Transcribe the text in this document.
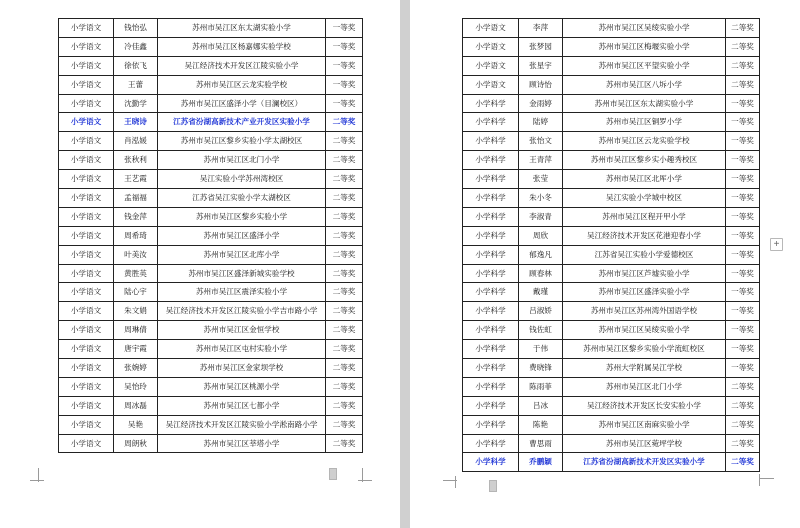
小学语文	钱怡弘	苏州市吴江区东太湖实验小学	一等奖
小学语文	冷佳鑫	苏州市吴江区杨嘉娜实验学校	一等奖
小学语文	徐依飞	吴江经济技术开发区江陵实验小学	一等奖
小学语文	王蕾	苏州市吴江区云龙实验学校	一等奖
小学语文	沈勤学	苏州市吴江区盛泽小学（目澜校区）	一等奖
小学语文	王晓诗	江苏省汾湖高新技术产业开发区实验小学	二等奖
小学语文	肖泓媛	苏州市吴江区黎乡实验小学太湖校区	二等奖
小学语文	张秋利	苏州市吴江区北门小学	二等奖
小学语文	王艺霞	吴江实验小学苏州湾校区	二等奖
小学语文	孟福福	江苏省吴江实验小学太湖校区	二等奖
小学语文	钱金萍	苏州市吴江区黎乡实验小学	二等奖
小学语文	周希琦	苏州市吴江区盛泽小学	二等奖
小学语文	叶美汝	苏州市吴江区北库小学	二等奖
小学语文	黄胜英	苏州市吴江区盛泽新城实验学校	二等奖
小学语文	陆心宇	苏州市吴江区震泽实验小学	二等奖
小学语文	朱文娟	吴江经济技术开发区江陵实验小学吉市路小学	二等奖
小学语文	周琳倩	苏州市吴江区金恒学校	二等奖
小学语文	唐宇霞	苏州市吴江区屯村实验小学	二等奖
小学语文	张婉婷	苏州市吴江区金家坝学校	二等奖
小学语文	吴怡玲	苏州市吴江区桃源小学	二等奖
小学语文	周冰磊	苏州市吴江区七都小学	二等奖
小学语文	吴艳	吴江经济技术开发区江陵实验小学淞南路小学	二等奖
小学语文	周朗秋	苏州市吴江区莘塔小学	二等奖
小学语文	李萍	苏州市吴江区吴绫实验小学	二等奖
小学语文	张梦园	苏州市吴江区梅堰实验小学	二等奖
小学语文	张星宇	苏州市吴江区平望实验小学	二等奖
小学语文	顾诗怡	苏州市吴江区八坼小学	二等奖
小学科学	金雨婷	苏州市吴江区东太湖实验小学	一等奖
小学科学	陆婷	苏州市吴江区铜罗小学	一等奖
小学科学	张怡文	苏州市吴江区云龙实验学校	一等奖
小学科学	王青萍	苏州市吴江区黎乡实小趣秀校区	一等奖
小学科学	张莹	苏州市吴江区北厍小学	一等奖
小学科学	朱小冬	吴江实验小学城中校区	一等奖
小学科学	李淑青	苏州市吴江区程开甲小学	一等奖
小学科学	周欣	吴江经济技术开发区花港迎春小学	一等奖
小学科学	郁逸凡	江苏省吴江实验小学爱德校区	一等奖
小学科学	顾春林	苏州市吴江区芦墟实验小学	一等奖
小学科学	戴瑾	苏州市吴江区盛泽实验小学	一等奖
小学科学	吕淑娇	苏州市吴江区苏州湾外国语学校	一等奖
小学科学	钱佐虹	苏州市吴江区吴绫实验小学	一等奖
小学科学	于伟	苏州市吴江区黎乡实验小学流虹校区	一等奖
小学科学	费晓锋	苏州大学附属吴江学校	一等奖
小学科学	陈雨菲	苏州市吴江区北门小学	二等奖
小学科学	吕冰	吴江经济技术开发区长安实验小学	二等奖
小学科学	陈艳	苏州市吴江区南麻实验小学	二等奖
小学科学	曹思雨	苏州市吴江区菀坪学校	二等奖
小学科学	乔鹏颖	江苏省汾湖高新技术开发区实验小学	二等奖
+
